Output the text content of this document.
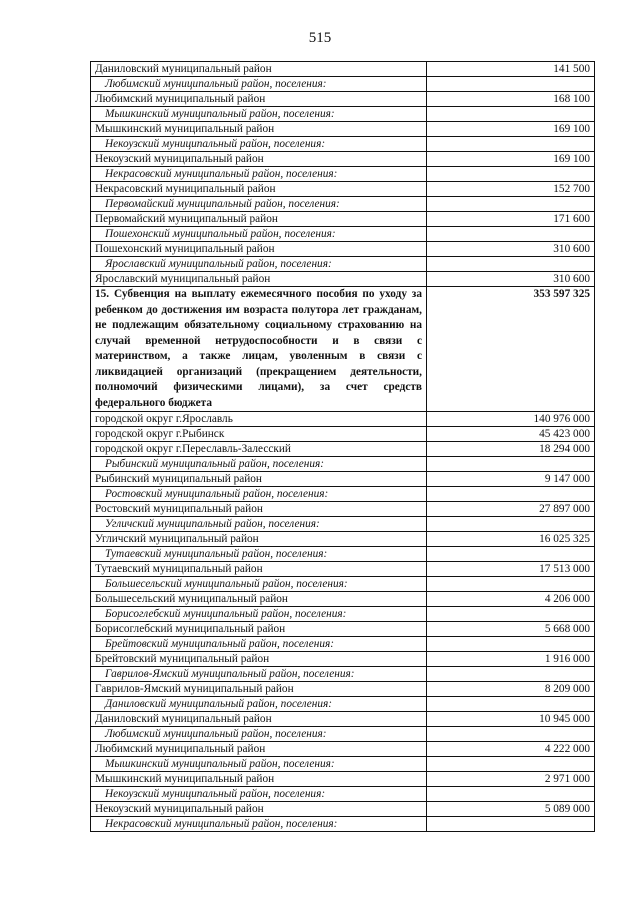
515
Даниловский муниципальный район	141 500
Любимский муниципальный район, поселения:	
Любимский муниципальный район	168 100
Мышкинский муниципальный район, поселения:	
Мышкинский муниципальный район	169 100
Некоузский муниципальный район, поселения:	
Некоузский муниципальный район	169 100
Некрасовский муниципальный район, поселения:	
Некрасовский муниципальный район	152 700
Первомайский муниципальный район, поселения:	
Первомайский муниципальный район	171 600
Пошехонский муниципальный район, поселения:	
Пошехонский муниципальный район	310 600
Ярославский муниципальный район, поселения:	
Ярославский муниципальный район	310 600
15. Субвенция на выплату ежемесячного пособия по уходу за ребенком до достижения им возраста полутора лет гражданам, не подлежащим обязательному социальному страхованию на случай временной нетрудоспособности и в связи с материнством, а также лицам, уволенным в связи с ликвидацией организаций (прекращением деятельности, полномочий физическими лицами), за счет средств федерального бюджета	353 597 325
городской округ г.Ярославль	140 976 000
городской округ г.Рыбинск	45 423 000
городской округ г.Переславль-Залесский	18 294 000
Рыбинский муниципальный район, поселения:	
Рыбинский муниципальный район	9 147 000
Ростовский муниципальный район, поселения:	
Ростовский муниципальный район	27 897 000
Угличский муниципальный район, поселения:	
Угличский муниципальный район	16 025 325
Тутаевский муниципальный район, поселения:	
Тутаевский муниципальный район	17 513 000
Большесельский муниципальный район, поселения:	
Большесельский муниципальный район	4 206 000
Борисоглебский муниципальный район, поселения:	
Борисоглебский муниципальный район	5 668 000
Брейтовский муниципальный район, поселения:	
Брейтовский муниципальный район	1 916 000
Гаврилов-Ямский муниципальный район, поселения:	
Гаврилов-Ямский муниципальный район	8 209 000
Даниловский муниципальный район, поселения:	
Даниловский муниципальный район	10 945 000
Любимский муниципальный район, поселения:	
Любимский муниципальный район	4 222 000
Мышкинский муниципальный район, поселения:	
Мышкинский муниципальный район	2 971 000
Некоузский муниципальный район, поселения:	
Некоузский муниципальный район	5 089 000
Некрасовский муниципальный район, поселения:	
